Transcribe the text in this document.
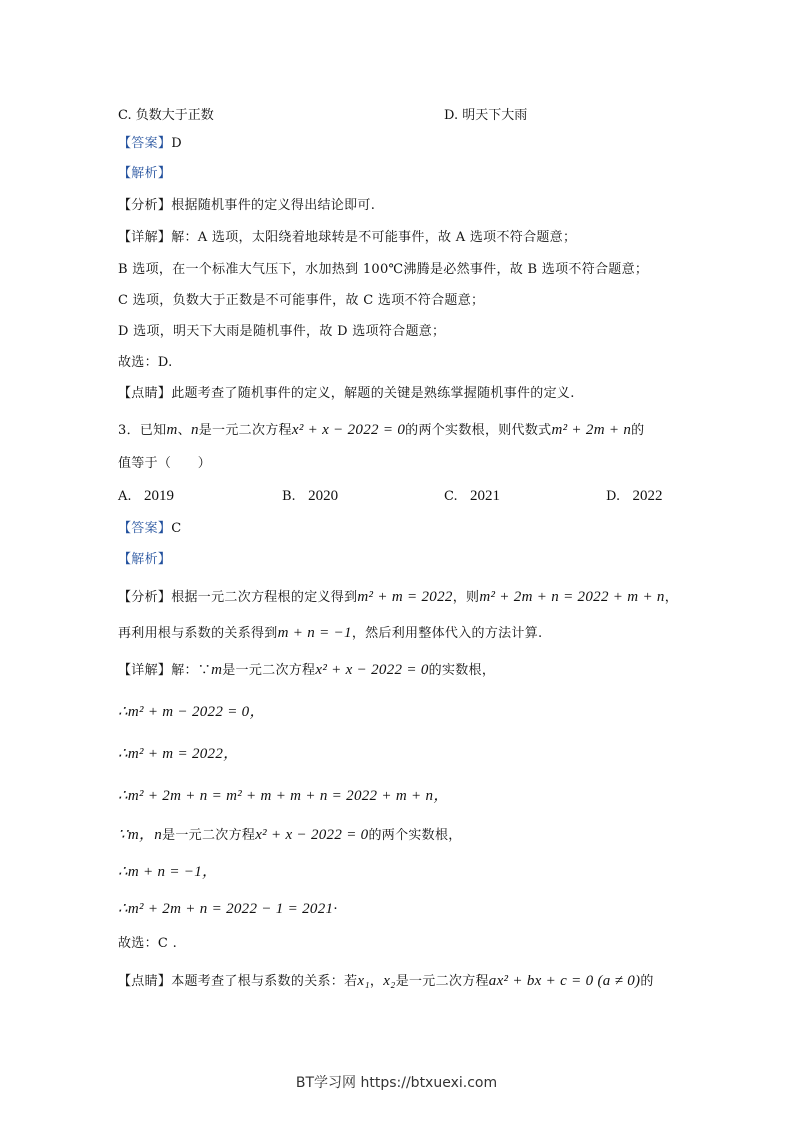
C. 负数大于正数	D. 明天下大雨
【答案】D
【解析】
【分析】根据随机事件的定义得出结论即可.
【详解】解：A 选项，太阳绕着地球转是不可能事件，故 A 选项不符合题意；
B 选项，在一个标准大气压下，水加热到 100℃沸腾是必然事件，故 B 选项不符合题意；
C 选项，负数大于正数是不可能事件，故 C 选项不符合题意；
D 选项，明天下大雨是随机事件，故 D 选项符合题意；
故选：D.
【点睛】此题考查了随机事件的定义，解题的关键是熟练掌握随机事件的定义.
3．已知m、n是一元二次方程x² + x − 2022 = 0的两个实数根，则代数式m² + 2m + n的
值等于（　　）
A. 2019	B. 2020	C. 2021	D. 2022
【答案】C
【解析】
【分析】根据一元二次方程根的定义得到m² + m = 2022，则m² + 2m + n = 2022 + m + n，
再利用根与系数的关系得到m + n = −1，然后利用整体代入的方法计算.
【详解】解：∵m是一元二次方程x² + x − 2022 = 0的实数根，
∴m² + m − 2022 = 0，
∴m² + m = 2022，
∴m² + 2m + n = m² + m + m + n = 2022 + m + n，
∵m，n是一元二次方程x² + x − 2022 = 0的两个实数根，
∴m + n = −1，
∴m² + 2m + n = 2022 − 1 = 2021·
故选：C .
【点睛】本题考查了根与系数的关系：若x₁，x₂是一元二次方程ax² + bx + c = 0 (a ≠ 0)的
BT学习网 https://btxuexi.com
